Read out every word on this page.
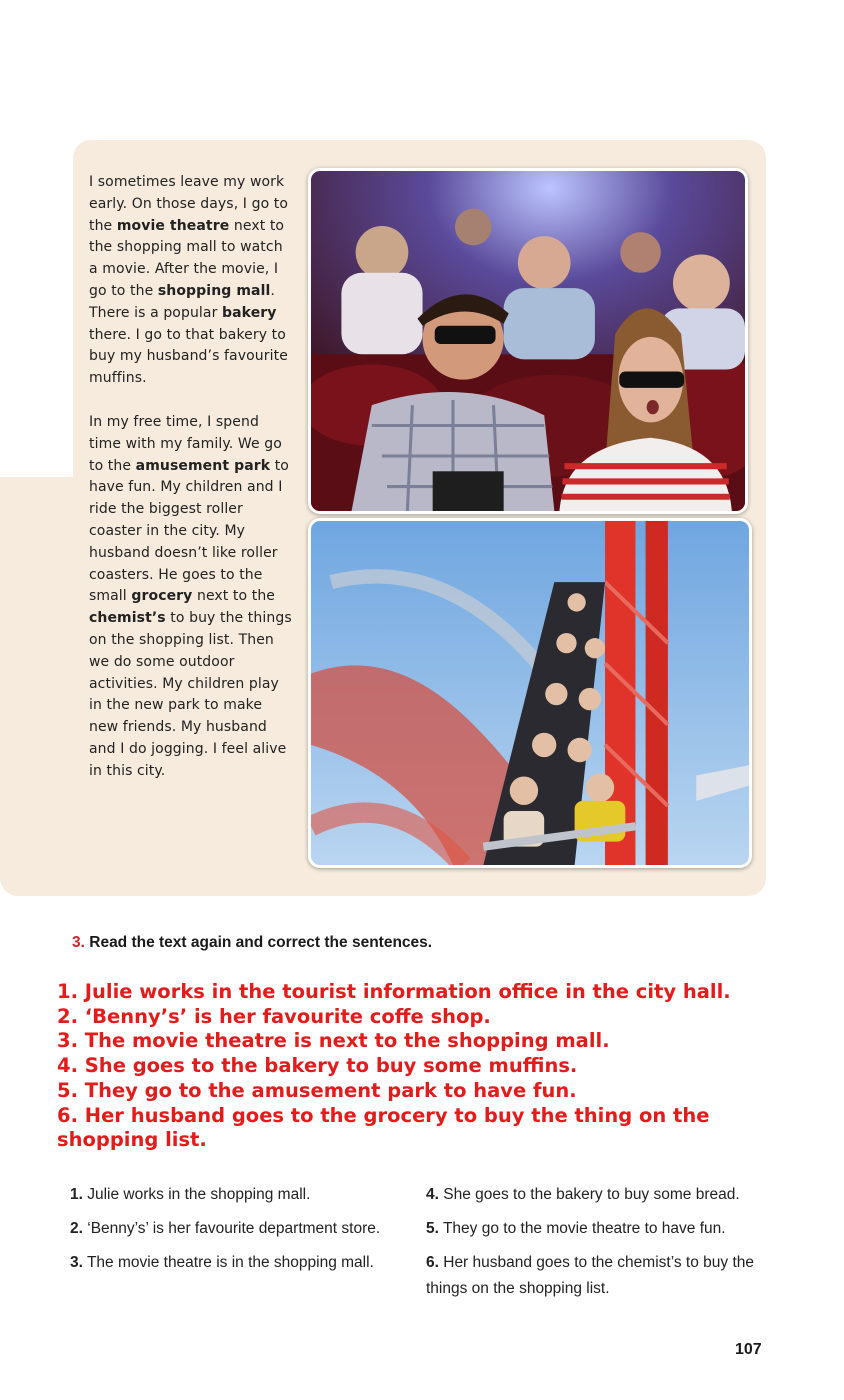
I sometimes leave my work early. On those days, I go to the movie theatre next to the shopping mall to watch a movie. After the movie, I go to the shopping mall. There is a popular bakery there. I go to that bakery to buy my husband’s favourite muffins.

In my free time, I spend time with my family. We go to the amusement park to have fun. My children and I ride the biggest roller coaster in the city. My husband doesn’t like roller coasters. He goes to the small grocery next to the chemist’s to buy the things on the shopping list. Then we do some outdoor activities. My children play in the new park to make new friends. My husband and I do jogging. I feel alive in this city.

3. Read the text again and correct the sentences.
1. Julie works in the tourist information office in the city hall.
2. ‘Benny’s’ is her favourite coffe shop.
3. The movie theatre is next to the shopping mall.
4. She goes to the bakery to buy some muffins.
5. They go to the amusement park to have fun.
6. Her husband goes to the grocery to buy the thing on the
shopping list.
1. Julie works in the shopping mall.
2. ‘Benny’s’ is her favourite department store.
3. The movie theatre is in the shopping mall.
4. She goes to the bakery to buy some bread.
5. They go to the movie theatre to have fun.
6. Her husband goes to the chemist’s to buy the things on the shopping list.
107
